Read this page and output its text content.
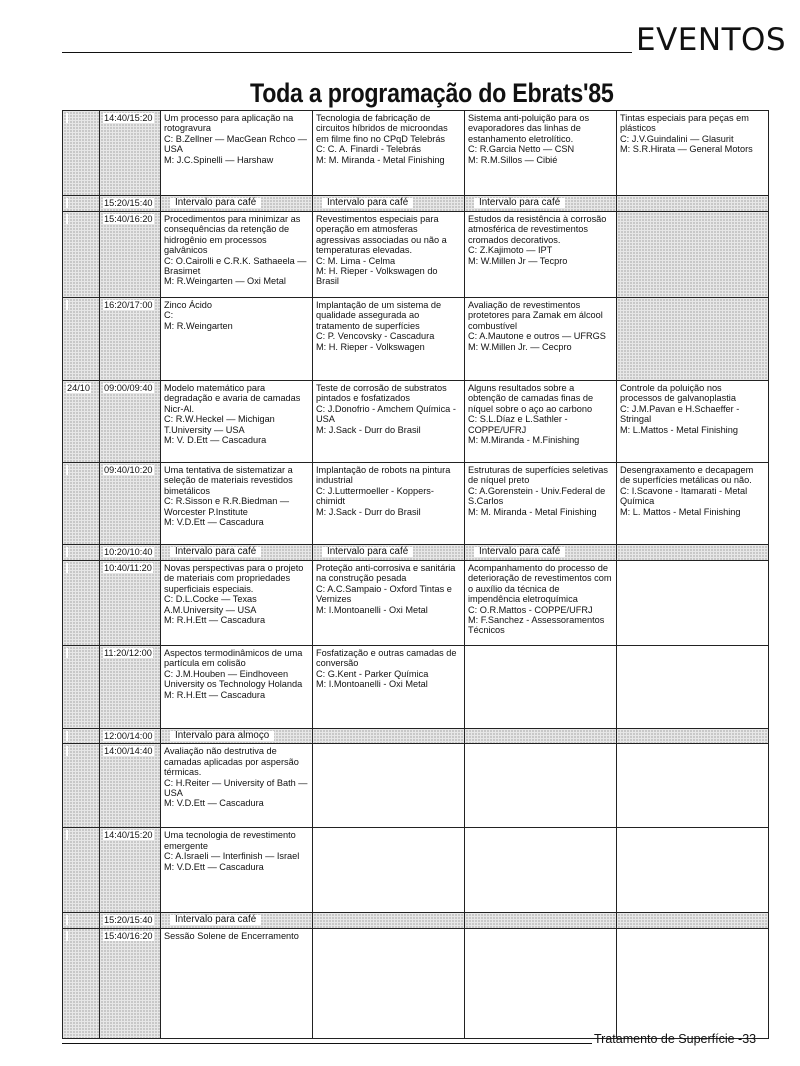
EVENTOS
Toda a programação do Ebrats'85
	14:40/15:20	Um processo para aplicação na rotogravura
C: B.Zellner — MacGean Rchco — USA
M: J.C.Spinelli — Harshaw	Tecnologia de fabricação de circuitos híbridos de microondas em filme fino no CPqD Telebrás
C: C. A. Finardi - Telebrás
M: M. Miranda - Metal Finishing	Sistema anti-poluição para os evaporadores das linhas de estanhamento eletrolítico.
C: R.Garcia Netto — CSN
M: R.M.Sillos — Cibié	Tintas especiais para peças em plásticos
C: J.V.Guindalini — Glasurit
M: S.R.Hirata — General Motors

	15:20/15:40	Intervalo para café	Intervalo para café	Intervalo para café	
	15:40/16:20	Procedimentos para minimizar as consequências da retenção de hidrogênio em processos galvânicos
C: O.Cairolli e C.R.K. Sathaeela — Brasimet
M: R.Weingarten — Oxi Metal	Revestimentos especiais para operação em atmosferas agressivas associadas ou não a temperaturas elevadas.
C: M. Lima - Celma
M: H. Rieper - Volkswagen do Brasil	Estudos da resistência à corrosão atmosférica de revestimentos cromados decorativos.
C: Z.Kajimoto — IPT
M: W.Millen Jr — Tecpro	

	16:20/17:00	Zinco Ácido
C:
M: R.Weingarten	Implantação de um sistema de qualidade assegurada ao tratamento de superfícies
C: P. Vencovsky - Cascadura
M: H. Rieper - Volkswagen	Avaliação de revestimentos protetores para Zamak em álcool combustível
C: A.Mautone e outros — UFRGS
M: W.Millen Jr. — Cecpro	

24/10	09:00/09:40	Modelo matemático para degradação e avaria de camadas Nicr-Al.
C: R.W.Heckel — Michigan T.University — USA
M: V. D.Ett — Cascadura	Teste de corrosão de substratos pintados e fosfatizados
C: J.Donofrio - Amchem Química - USA
M: J.Sack - Durr do Brasil	Alguns resultados sobre a obtenção de camadas finas de níquel sobre o aço ao carbono
C: S.L.Díaz e L.Sathler - COPPE/UFRJ
M: M.Miranda - M.Finishing	Controle da poluição nos processos de galvanoplastia
C: J.M.Pavan e H.Schaeffer - Stringal
M: L.Mattos - Metal Finishing

	09:40/10:20	Uma tentativa de sistematizar a seleção de materiais revestidos bimetálicos
C: R.Sisson e R.R.Biedman — Worcester P.Institute
M: V.D.Ett — Cascadura	Implantação de robots na pintura industrial
C: J.Luttermoeller - Koppers-chimidt
M: J.Sack - Durr do Brasil	Estruturas de superfícies seletivas de níquel preto
C: A.Gorenstein - Univ.Federal de S.Carlos
M: M. Miranda - Metal Finishing	Desengraxamento e decapagem de superfícies metálicas ou não.
C: I.Scavone - Itamarati - Metal Química
M: L. Mattos - Metal Finishing

	10:20/10:40	Intervalo para café	Intervalo para café	Intervalo para café	
	10:40/11:20	Novas perspectivas para o projeto de materiais com propriedades superficiais especiais.
C: D.L.Cocke — Texas A.M.University — USA
M: R.H.Ett — Cascadura	Proteção anti-corrosiva e sanitária na construção pesada
C: A.C.Sampaio - Oxford Tintas e Vernizes
M: I.Montoanelli - Oxi Metal	Acompanhamento do processo de deterioração de revestimentos com o auxílio da técnica de impendência eletroquímica
C: O.R.Mattos - COPPE/UFRJ
M: F.Sanchez - Assessoramentos Técnicos	

	11:20/12:00	Aspectos termodinâmicos de uma partícula em colisão
C: J.M.Houben — Eindhoveen University os Technology Holanda
M: R.H.Ett — Cascadura	Fosfatização e outras camadas de conversão
C: G.Kent - Parker Química
M: I.Montoanelli - Oxi Metal		

	12:00/14:00	Intervalo para almoço			
	14:00/14:40	Avaliação não destrutiva de camadas aplicadas por aspersão térmicas.
C: H.Reiter — University of Bath — USA
M: V.D.Ett — Cascadura			

	14:40/15:20	Uma tecnologia de revestimento emergente
C: A.Israeli — Interfinish — Israel
M: V.D.Ett — Cascadura			

	15:20/15:40	Intervalo para café			
	15:40/16:20	Sessão Solene de Encerramento			

Tratamento de Superfície -33
